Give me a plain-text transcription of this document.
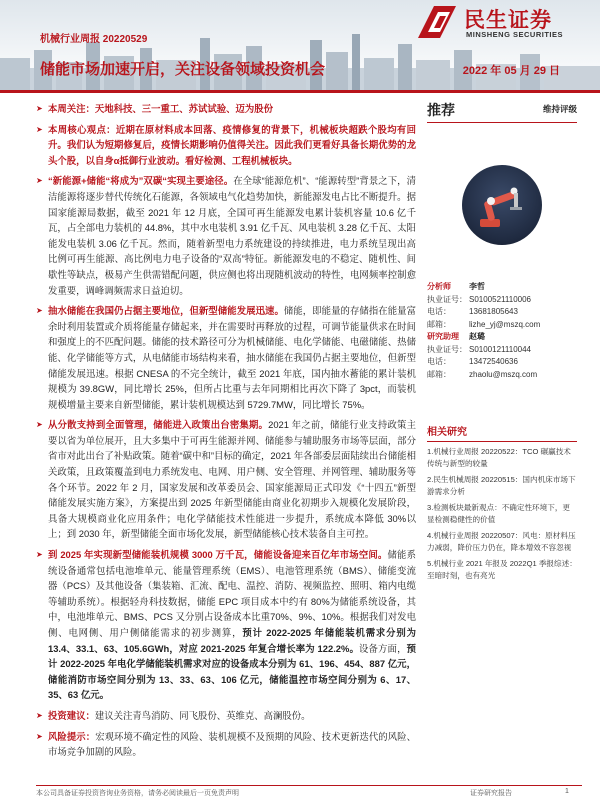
机械行业周报 20220529
储能市场加速开启，关注设备领域投资机会	2022 年 05 月 29 日
民生证券
MINSHENG SECURITIES

➤ 本周关注：天地科技、三一重工、苏试试验、迈为股份

➤ 本周核心观点：近期在原材料成本回落、疫情修复的背景下，机械板块超跌个股均有回升。我们认为短期修复后，疫情长期影响仍值得关注。因此我们更看好具备长期优势的龙头个股，以自身α抵御行业波动。看好检测、工程机械板块。

➤ “新能源+储能“将成为”双碳“实现主要途径。在全球“能源危机”、“能源转型”背景之下，清洁能源将逐步替代传统化石能源，各领域电气化趋势加快，新能源发电占比不断提升。据国家能源局数据，截至 2021 年 12 月底，全国可再生能源发电累计装机容量 10.6 亿千瓦，占全部电力装机的 44.8%，其中水电装机 3.91 亿千瓦、风电装机 3.28 亿千瓦、太阳能发电装机 3.06 亿千瓦。然而，随着新型电力系统建设的持续推进，电力系统呈现出高比例可再生能源、高比例电力电子设备的“双高”特征。新能源发电的不稳定、随机性、间歇性等缺点，极易产生供需错配问题，供应侧也将出现随机波动的特性，电网频率控制愈发重要，调峰调频需求日益迫切。

➤ 抽水储能在我国仍占据主要地位，但新型储能发展迅速。储能，即能量的存储指在能量富余时利用装置或介质将能量存储起来，并在需要时再释放的过程，可调节能量供求在时间和强度上的不匹配问题。储能的技术路径可分为机械储能、电化学储能、电磁储能、热储能、化学储能等方式，从电储能市场结构来看，抽水储能在我国仍占据主要地位，但新型储能发展迅速。根据 CNESA 的不完全统计，截至 2021 年底，国内抽水蓄能的累计装机规模为 39.8GW，同比增长 25%，但所占比重与去年同期相比再次下降了 3pct，而装机规模增量主要来自新型储能，累计装机规模达到 5729.7MW，同比增长 75%。

➤ 从分散支持到全面管理，储能进入政策出台密集期。2021 年之前，储能行业支持政策主要以省为单位展开，且大多集中于可再生能源并网、储能参与辅助服务市场等层面，部分省市对此出台了补贴政策。随着“碳中和”目标的确定，2021 年各部委层面陆续出台储能相关政策，且政策覆盖到电力系统发电、电网、用户侧、安全管理、并网管理、辅助服务等各个环节。2022 年 2 月，国家发展和改革委员会、国家能源局正式印发《“十四五”新型储能发展实施方案》，方案提出到 2025 年新型储能由商业化初期步入规模化发展阶段，具备大规模商业化应用条件；电化学储能技术性能进一步提升，系统成本降低 30%以上；到 2030 年，新型储能全面市场化发展，新型储能核心技术装备自主可控。

➤ 到 2025 年实现新型储能装机规模 3000 万千瓦，储能设备迎来百亿年市场空间。储能系统设备通常包括电池堆单元、能量管理系统（EMS）、电池管理系统（BMS）、储能变流器（PCS）及其他设备（集装箱、汇流、配电、温控、消防、视频监控、照明、箱内电缆等辅助系统）。根据轻舟科技数据，储能 EPC 项目成本中约有 80%为储能系统设备，其中，电池堆单元、BMS、PCS 又分别占设备成本比重70%、9%、10%。根据我们对发电侧、电网侧、用户侧储能需求的初步测算，预计 2022-2025 年储能装机需求分别为 13.4、33.1、63、105.6GWh，对应 2021-2025 年复合增长率为 122.2%。设备方面，预计 2022-2025 年电化学储能装机需求对应的设备成本分别为 61、196、454、887 亿元，储能消防市场空间分别为 13、33、63、106 亿元，储能温控市场空间分别为 6、17、35、63 亿元。

➤ 投资建议：建议关注青鸟消防、同飞股份、英维克、高澜股份。

➤ 风险提示：宏观环境不确定性的风险、装机规模不及预期的风险、技术更新迭代的风险、市场竞争加剧的风险。

推荐	维持评级
分析师 李哲
执业证号： S0100521110006
电话： 13681805643
邮箱： lizhe_yj@mszq.com
研究助理 赵璐
执业证号： S0100121110044
电话： 13472540636
邮箱： zhaolu@mszq.com
相关研究
1.机械行业周报 20220522：TCO 碾贏技术传统与新型的较量
2.民生机械周报 20220515：国内机床市场下游需求分析
3.检测板块最新观点：不确定性环境下，更显检测稳健性的价值
4.机械行业周报 20220507：风电：原材料压力减弱，降价压力仍在，降本增效不容忽视
5.机械行业 2021 年报及 2022Q1 季报综述：至暗时刻，也有亮光
本公司具备证券投资咨询业务资格，请务必阅读最后一页免责声明	证券研究报告	1
